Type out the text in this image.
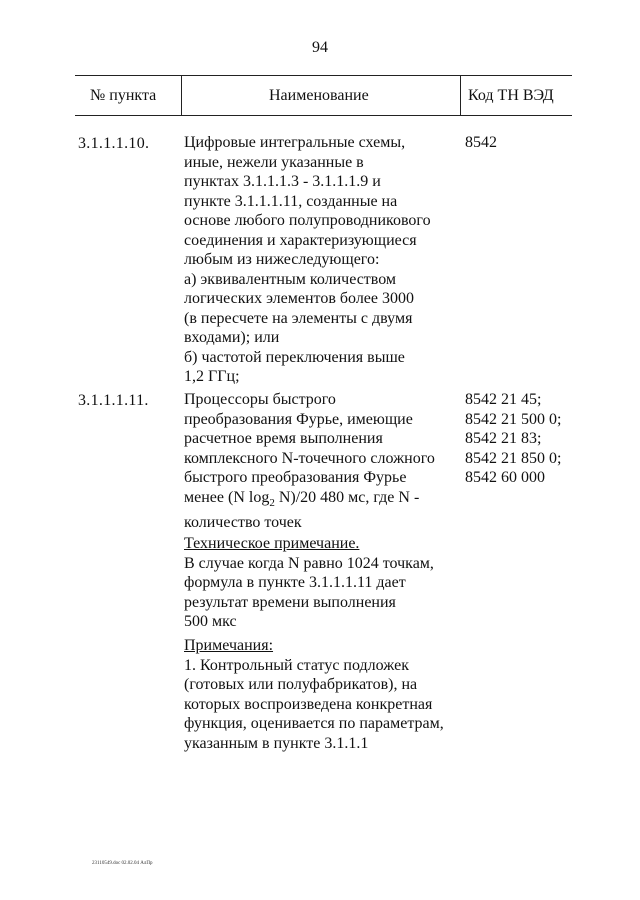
94
№ пункта	Наименование	Код ТН ВЭД
3.1.1.1.10. Цифровые интегральные схемы,
иные, нежели указанные в
пунктах 3.1.1.1.3 - 3.1.1.1.9 и
пункте 3.1.1.1.11, созданные на
основе любого полупроводникового
соединения и характеризующиеся
любым из нижеследующего:
а) эквивалентным количеством
логических элементов более 3000
(в пересчете на элементы с двумя
входами); или
б) частотой переключения выше
1,2 ГГц;
8542
3.1.1.1.11. Процессоры быстрого
преобразования Фурье, имеющие
расчетное время выполнения
комплексного N-точечного сложного
быстрого преобразования Фурье
менее (N $\log_2 N)/20$ 480 мс, где N -
количество точек
8542 21 45;
8542 21 500 0;
8542 21 83;
8542 21 850 0;
8542 60 000
Техническое примечание.
В случае когда N равно 1024 точкам,
формула в пункте 3.1.1.1.11 дает
результат времени выполнения
500 мкс
Примечания:
1. Контрольный статус подложек
(готовых или полуфабрикатов), на
которых воспроизведена конкретная
функция, оценивается по параметрам,
указанным в пункте 3.1.1.1
23110549.doc 02.02.04 АлПр
